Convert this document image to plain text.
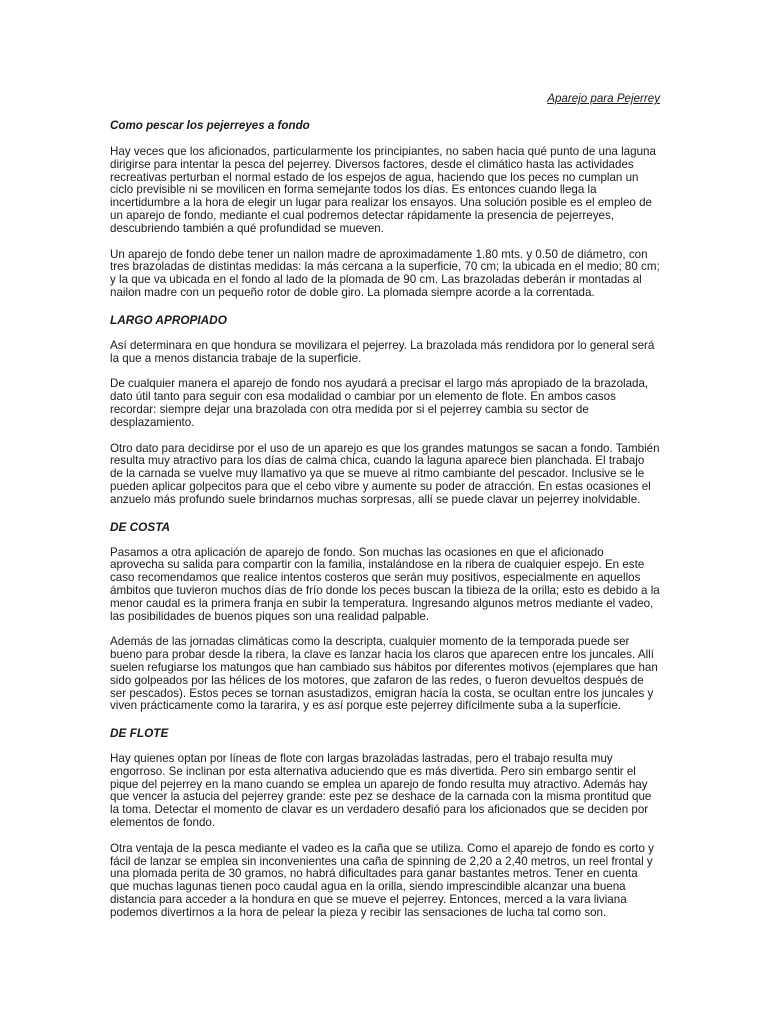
Aparejo para Pejerrey
Como pescar los pejerreyes a fondo

Hay veces que los aficionados, particularmente los principiantes, no saben hacia qué punto de una laguna dirigirse para intentar la pesca del pejerrey. Diversos factores, desde el climático hasta las actividades recreativas perturban el normal estado de los espejos de agua, haciendo que los peces no cumplan un ciclo previsible ni se movilicen en forma semejante todos los días. Es entonces cuando llega la incertidumbre a la hora de elegir un lugar para realizar los ensayos. Una solución posible es el empleo de un aparejo de fondo, mediante el cual podremos detectar rápidamente la presencia de pejerreyes, descubriendo también a qué profundidad se mueven.

Un aparejo de fondo debe tener un nailon madre de aproximadamente 1.80 mts. y 0.50 de diámetro, con tres brazoladas de distintas medidas: la más cercana a la superficie, 70 cm; la ubicada en el medio; 80 cm; y la que va ubicada en el fondo al lado de la plomada de 90 cm. Las brazoladas deberán ir montadas al nailon madre con un pequeño rotor de doble giro. La plomada siempre acorde a la correntada.

LARGO APROPIADO

Así determinara en que hondura se movilizara el pejerrey. La brazolada más rendidora por lo general será la que a menos distancia trabaje de la superficie.

De cualquier manera el aparejo de fondo nos ayudará a precisar el largo más apropiado de la brazolada, dato útil tanto para seguir con esa modalidad o cambiar por un elemento de flote. En ambos casos recordar: siempre dejar una brazolada con otra medida por si el pejerrey cambia su sector de desplazamiento.

Otro dato para decidirse por el uso de un aparejo es que los grandes matungos se sacan a fondo. También resulta muy atractivo para los días de calma chica, cuando la laguna aparece bien planchada. El trabajo de la carnada se vuelve muy llamativo ya que se mueve al ritmo cambiante del pescador. Inclusive se le pueden aplicar golpecitos para que el cebo vibre y aumente su poder de atracción. En estas ocasiones el anzuelo más profundo suele brindarnos muchas sorpresas, allí se puede clavar un pejerrey inolvidable.

DE COSTA

Pasamos a otra aplicación de aparejo de fondo. Son muchas las ocasiones en que el aficionado aprovecha su salida para compartir con la familia, instalándose en la ribera de cualquier espejo. En este caso recomendamos que realice intentos costeros que serán muy positivos, especialmente en aquellos ámbitos que tuvieron muchos días de frío donde los peces buscan la tibieza de la orilla; esto es debido a la menor caudal es la primera franja en subir la temperatura. Ingresando algunos metros mediante el vadeo, las posibilidades de buenos piques son una realidad palpable.

Además de las jornadas climáticas como la descripta, cualquier momento de la temporada puede ser bueno para probar desde la ribera, la clave es lanzar hacia los claros que aparecen entre los juncales. Allí suelen refugiarse los matungos que han cambiado sus hábitos por diferentes motivos (ejemplares que han sido golpeados por las hélices de los motores, que zafaron de las redes, o fueron devueltos después de ser pescados). Estos peces se tornan asustadizos, emigran hacía la costa, se ocultan entre los juncales y viven prácticamente como la tararira, y es así porque este pejerrey difícilmente suba a la superficie.

DE FLOTE

Hay quienes optan por líneas de flote con largas brazoladas lastradas, pero el trabajo resulta muy engorroso. Se inclinan por esta alternativa aduciendo que es más divertida. Pero sin embargo sentir el pique del pejerrey en la mano cuando se emplea un aparejo de fondo resulta muy atractivo. Además hay que vencer la astucia del pejerrey grande: este pez se deshace de la carnada con la misma prontitud que la toma. Detectar el momento de clavar es un verdadero desafió para los aficionados que se deciden por elementos de fondo.

Otra ventaja de la pesca mediante el vadeo es la caña que se utiliza. Como el aparejo de fondo es corto y fácil de lanzar se emplea sin inconvenientes una caña de spinning de 2,20 a 2,40 metros, un reel frontal y una plomada perita de 30 gramos, no habrá dificultades para ganar bastantes metros. Tener en cuenta que muchas lagunas tienen poco caudal agua en la orilla, siendo imprescindible alcanzar una buena distancia para acceder a la hondura en que se mueve el pejerrey. Entonces, merced a la vara liviana podemos divertirnos a la hora de pelear la pieza y recibir las sensaciones de lucha tal como son.
